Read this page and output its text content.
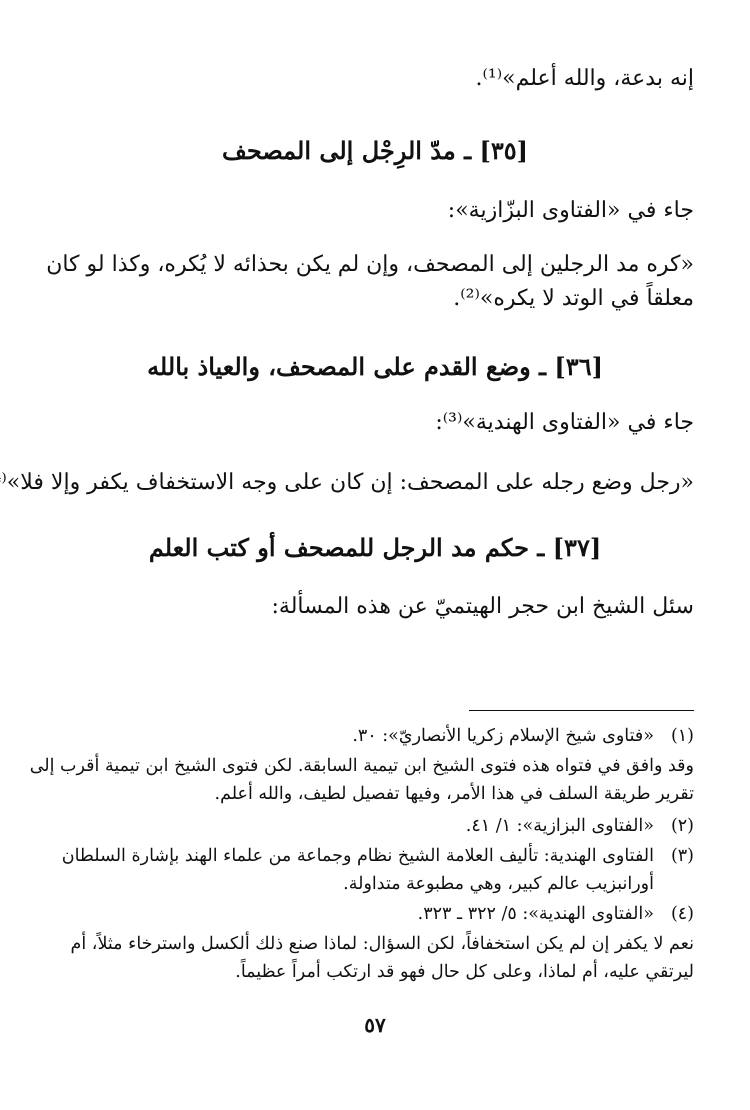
إنه بدعة، والله أعلم»⁽¹⁾.
[٣٥] ـ مدّ الرِجْل إلى المصحف
جاء في «الفتاوى البزّازية»:
«كره مد الرجلين إلى المصحف، وإن لم يكن بحذائه لا يُكره، وكذا لو كان
معلقاً في الوتد لا يكره»⁽²⁾.
[٣٦] ـ وضع القدم على المصحف، والعياذ بالله
جاء في «الفتاوى الهندية»⁽³⁾:
«رجل وضع رجله على المصحف: إن كان على وجه الاستخفاف يكفر وإلا فلا»⁽
[٣٧] ـ حكم مد الرجل للمصحف أو كتب العلم
سئل الشيخ ابن حجر الهيتميّ عن هذه المسألة:
(١)
«فتاوى شيخ الإسلام زكريا الأنصاريّ»: ٣٠.
وقد وافق في فتواه هذه فتوى الشيخ ابن تيمية السابقة. لكن فتوى الشيخ ابن تيمية أقرب إلى
تقرير طريقة السلف في هذا الأمر، وفيها تفصيل لطيف، والله أعلم.
(٢)
«الفتاوى البزازية»: ١/ ٤١.
(٣)
الفتاوى الهندية: تأليف العلامة الشيخ نظام وجماعة من علماء الهند بإشارة السلطان
أورانبزيب عالم كبير، وهي مطبوعة متداولة.
(٤)
«الفتاوى الهندية»: ٥/ ٣٢٢ ـ ٣٢٣.
نعم لا يكفر إن لم يكن استخفافاً، لكن السؤال: لماذا صنع ذلك ألكسل واسترخاء مثلاً، أم
ليرتقي عليه، أم لماذا، وعلى كل حال فهو قد ارتكب أمراً عظيماً.
٥٧
